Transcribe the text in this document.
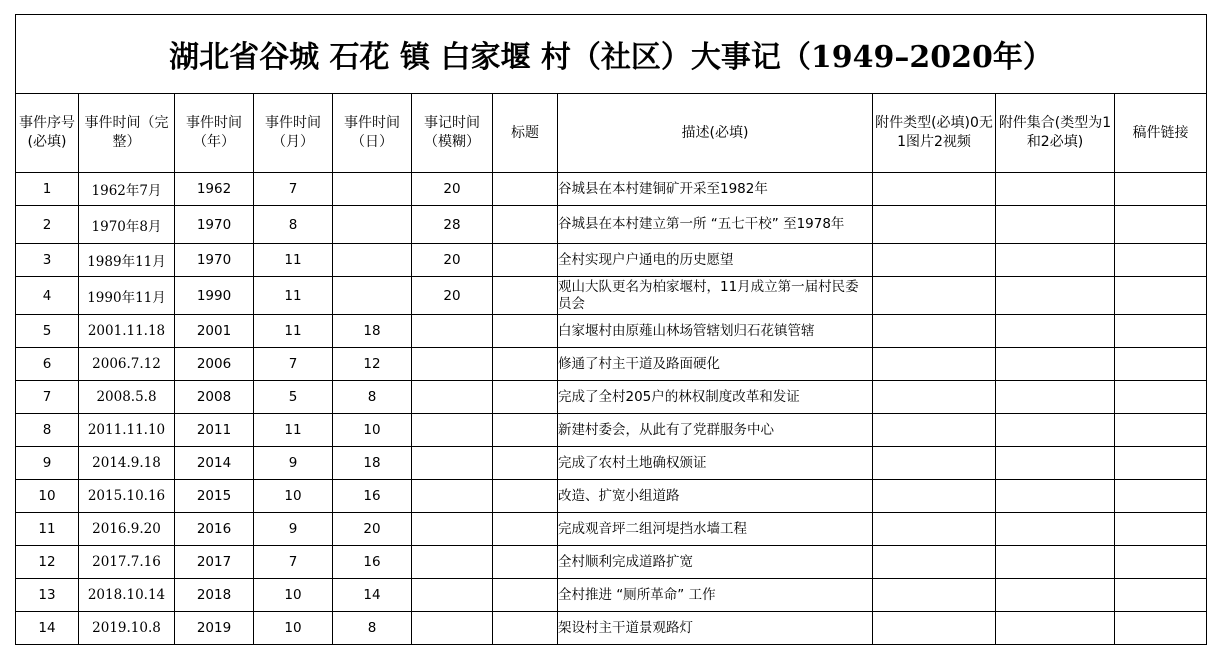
湖北省谷城 石花 镇 白家堰 村（社区）大事记（1949–2020年）										
事件序号(必填)	事件时间（完整）	事件时间（年）	事件时间（月）	事件时间（日）	事记时间（模糊）	标题	描述(必填)	附件类型(必填)0无1图片2视频	附件集合(类型为1和2必填)	稿件链接
1	1962年7月	1962	7		20		谷城县在本村建铜矿开采至1982年			
2	1970年8月	1970	8		28		谷城县在本村建立第一所 “五七干校” 至1978年			
3	1989年11月	1970	11		20		全村实现户户通电的历史愿望			
4	1990年11月	1990	11		20		观山大队更名为柏家堰村，11月成立第一届村民委员会			
5	2001.11.18	2001	11	18			白家堰村由原薤山林场管辖划归石花镇管辖			
6	2006.7.12	2006	7	12			修通了村主干道及路面硬化			
7	2008.5.8	2008	5	8			完成了全村205户的林权制度改革和发证			
8	2011.11.10	2011	11	10			新建村委会，从此有了党群服务中心			
9	2014.9.18	2014	9	18			完成了农村土地确权颁证			
10	2015.10.16	2015	10	16			改造、扩宽小组道路			
11	2016.9.20	2016	9	20			完成观音坪二组河堤挡水墙工程			
12	2017.7.16	2017	7	16			全村顺利完成道路扩宽			
13	2018.10.14	2018	10	14			全村推进 “厕所革命” 工作			
14	2019.10.8	2019	10	8			架设村主干道景观路灯			
